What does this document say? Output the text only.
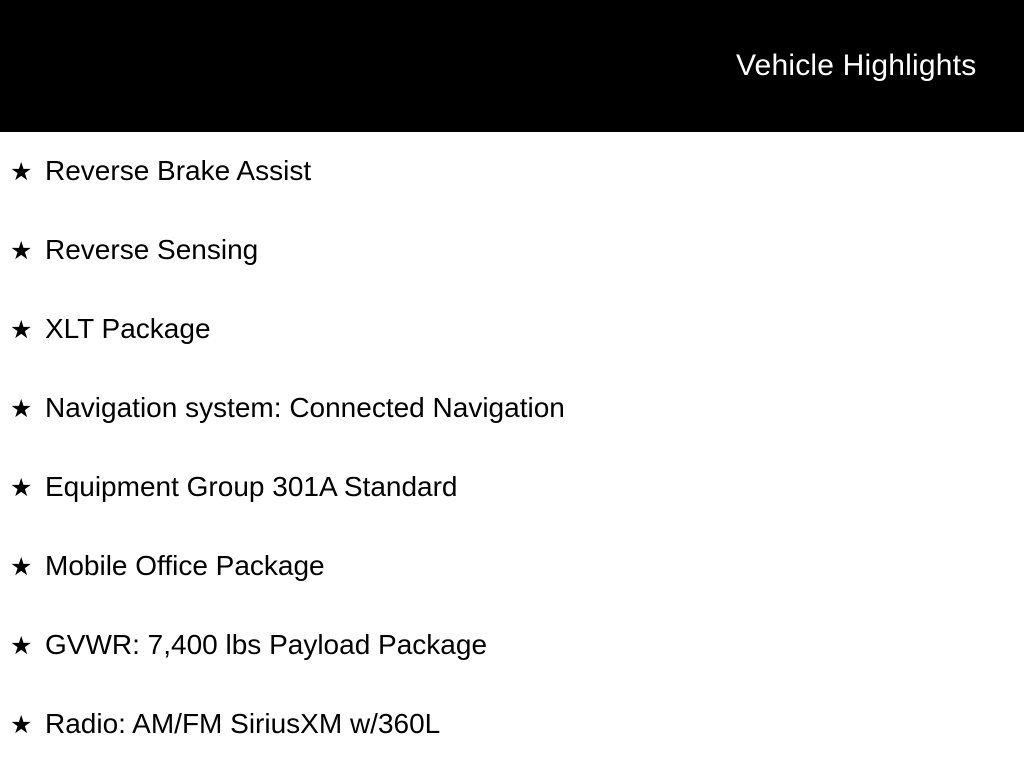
Vehicle Highlights
★ Reverse Brake Assist
★ Reverse Sensing
★ XLT Package
★ Navigation system: Connected Navigation
★ Equipment Group 301A Standard
★ Mobile Office Package
★ GVWR: 7,400 lbs Payload Package
★ Radio: AM/FM SiriusXM w/360L
